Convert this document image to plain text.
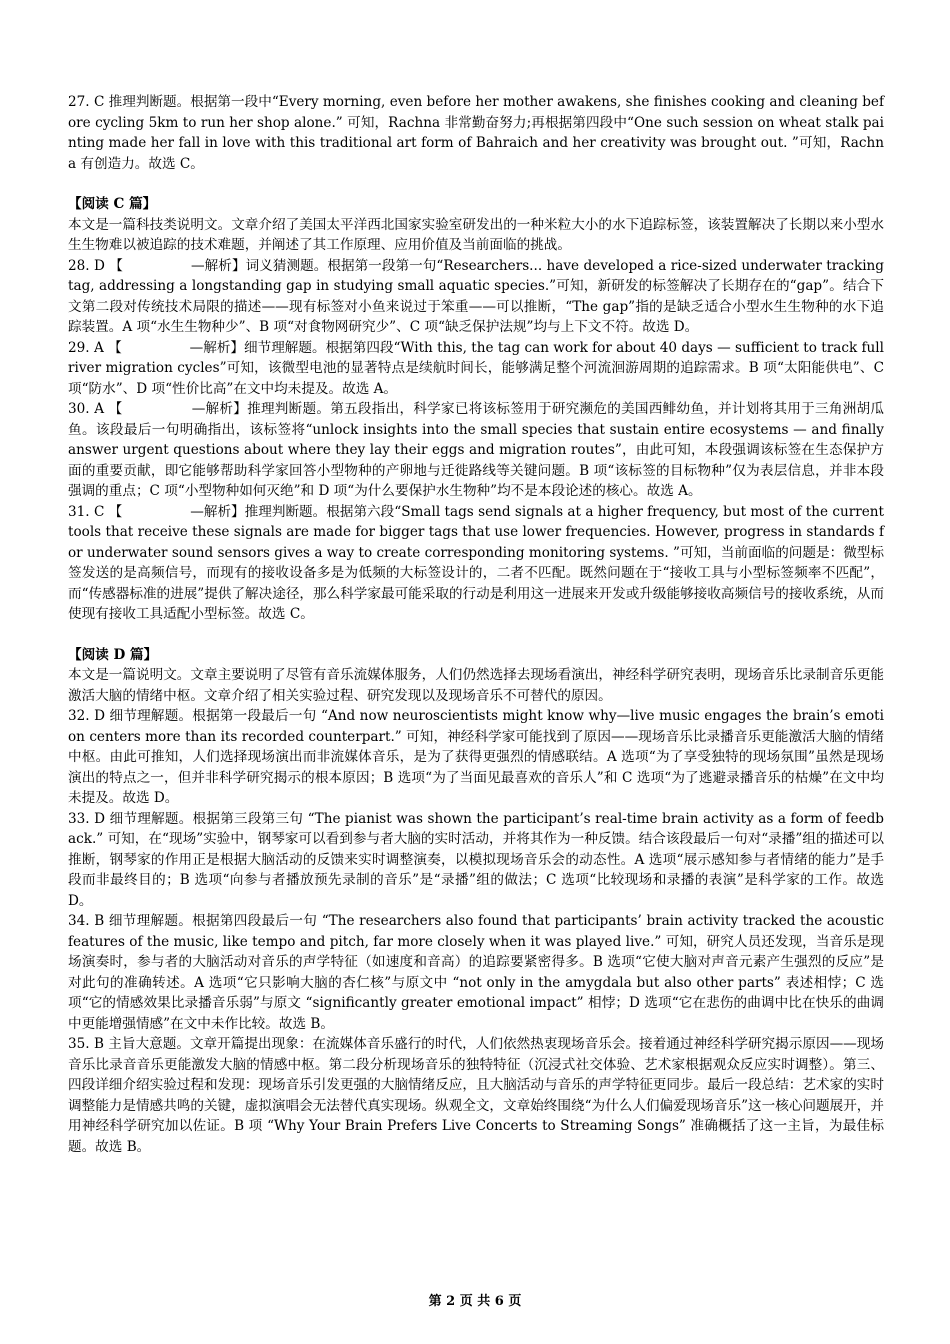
27. C 推理判断题。根据第一段中“Every morning, even before her mother awakens, she finishes cooking and cleaning before cycling 5km to run her shop alone.” 可知，Rachna 非常勤奋努力;再根据第四段中“One such session on wheat stalk painting made her fall in love with this traditional art form of Bahraich and her creativity was brought out. ”可知，Rachna 有创造力。故选 C。

【阅读 C 篇】

本文是一篇科技类说明文。文章介绍了美国太平洋西北国家实验室研发出的一种米粒大小的水下追踪标签，该装置解决了长期以来小型水生生物难以被追踪的技术难题，并阐述了其工作原理、应用价值及当前面临的挑战。

28. D 【　　　　　—解析】词义猜测题。根据第一段第一句“Researchers... have developed a rice-sized underwater tracking tag, addressing a longstanding gap in studying small aquatic species.”可知，新研发的标签解决了长期存在的“gap”。结合下文第二段对传统技术局限的描述——现有标签对小鱼来说过于笨重——可以推断，“The gap”指的是缺乏适合小型水生生物种的水下追踪装置。A 项“水生生物种少”、B 项“对食物网研究少”、C 项“缺乏保护法规”均与上下文不符。故选 D。

29. A 【　　　　　—解析】细节理解题。根据第四段“With this, the tag can work for about 40 days — sufficient to track full river migration cycles”可知，该微型电池的显著特点是续航时间长，能够满足整个河流洄游周期的追踪需求。B 项“太阳能供电”、C 项“防水”、D 项“性价比高”在文中均未提及。故选 A。

30. A 【　　　　　—解析】推理判断题。第五段指出，科学家已将该标签用于研究濒危的美国西鲱幼鱼，并计划将其用于三角洲胡瓜鱼。该段最后一句明确指出，该标签将“unlock insights into the small species that sustain entire ecosystems — and finally answer urgent questions about where they lay their eggs and migration routes”，由此可知，本段强调该标签在生态保护方面的重要贡献，即它能够帮助科学家回答小型物种的产卵地与迁徙路线等关键问题。B 项“该标签的目标物种”仅为表层信息，并非本段强调的重点；C 项“小型物种如何灭绝”和 D 项“为什么要保护水生物种”均不是本段论述的核心。故选 A。

31. C 【　　　　　—解析】推理判断题。根据第六段“Small tags send signals at a higher frequency, but most of the current tools that receive these signals are made for bigger tags that use lower frequencies. However, progress in standards for underwater sound sensors gives a way to create corresponding monitoring systems. ”可知，当前面临的问题是：微型标签发送的是高频信号，而现有的接收设备多是为低频的大标签设计的，二者不匹配。既然问题在于“接收工具与小型标签频率不匹配”，而“传感器标准的进展”提供了解决途径，那么科学家最可能采取的行动是利用这一进展来开发或升级能够接收高频信号的接收系统，从而使现有接收工具适配小型标签。故选 C。

【阅读 D 篇】

本文是一篇说明文。文章主要说明了尽管有音乐流媒体服务，人们仍然选择去现场看演出，神经科学研究表明，现场音乐比录制音乐更能激活大脑的情绪中枢。文章介绍了相关实验过程、研究发现以及现场音乐不可替代的原因。

32. D 细节理解题。根据第一段最后一句 “And now neuroscientists might know why—live music engages the brain’s emotion centers more than its recorded counterpart.” 可知，神经科学家可能找到了原因——现场音乐比录播音乐更能激活大脑的情绪中枢。由此可推知，人们选择现场演出而非流媒体音乐，是为了获得更强烈的情感联结。A 选项“为了享受独特的现场氛围”虽然是现场演出的特点之一，但并非科学研究揭示的根本原因；B 选项“为了当面见最喜欢的音乐人”和 C 选项“为了逃避录播音乐的枯燥”在文中均未提及。故选 D。

33. D 细节理解题。根据第三段第三句 “The pianist was shown the participant’s real-time brain activity as a form of feedback.” 可知，在“现场”实验中，钢琴家可以看到参与者大脑的实时活动，并将其作为一种反馈。结合该段最后一句对“录播”组的描述可以推断，钢琴家的作用正是根据大脑活动的反馈来实时调整演奏，以模拟现场音乐会的动态性。A 选项“展示感知参与者情绪的能力”是手段而非最终目的；B 选项“向参与者播放预先录制的音乐”是“录播”组的做法；C 选项“比较现场和录播的表演”是科学家的工作。故选 D。

34. B 细节理解题。根据第四段最后一句 “The researchers also found that participants’ brain activity tracked the acoustic features of the music, like tempo and pitch, far more closely when it was played live.” 可知，研究人员还发现，当音乐是现场演奏时，参与者的大脑活动对音乐的声学特征（如速度和音高）的追踪要紧密得多。B 选项“它使大脑对声音元素产生强烈的反应”是对此句的准确转述。A 选项“它只影响大脑的杏仁核”与原文中 “not only in the amygdala but also other parts” 表述相悖；C 选项“它的情感效果比录播音乐弱”与原文 “significantly greater emotional impact” 相悖；D 选项“它在悲伤的曲调中比在快乐的曲调中更能增强情感”在文中未作比较。故选 B。

35. B 主旨大意题。文章开篇提出现象：在流媒体音乐盛行的时代，人们依然热衷现场音乐会。接着通过神经科学研究揭示原因——现场音乐比录音音乐更能激发大脑的情感中枢。第二段分析现场音乐的独特特征（沉浸式社交体验、艺术家根据观众反应实时调整）。第三、四段详细介绍实验过程和发现：现场音乐引发更强的大脑情绪反应，且大脑活动与音乐的声学特征更同步。最后一段总结：艺术家的实时调整能力是情感共鸣的关键，虚拟演唱会无法替代真实现场。纵观全文，文章始终围绕“为什么人们偏爱现场音乐”这一核心问题展开，并用神经科学研究加以佐证。B 项 “Why Your Brain Prefers Live Concerts to Streaming Songs” 准确概括了这一主旨，为最佳标题。故选 B。

第 2 页 共 6 页
